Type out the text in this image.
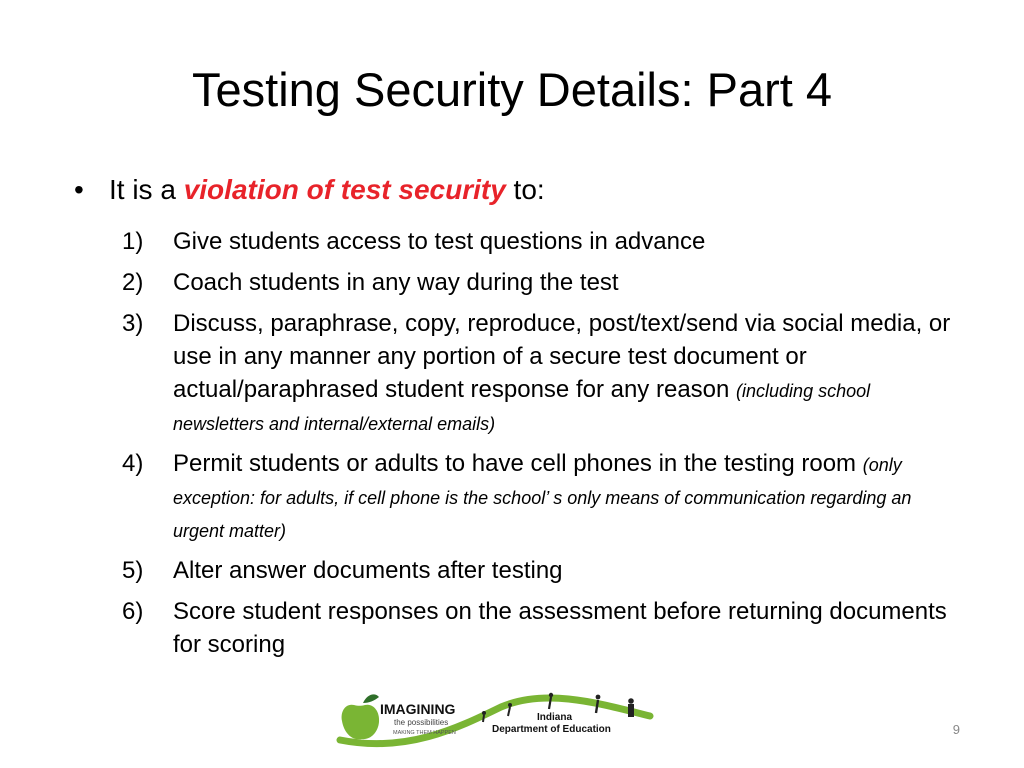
Testing Security Details: Part 4
• It is a violation of test security to:
1) Give students access to test questions in advance
2) Coach students in any way during the test
3) Discuss, paraphrase, copy, reproduce, post/text/send via social media, or use in any manner any portion of a secure test document or actual/paraphrased student response for any reason (including school newsletters and internal/external emails)
4) Permit students or adults to have cell phones in the testing room (only exception: for adults, if cell phone is the school’ s only means of communication regarding an urgent matter)
5) Alter answer documents after testing
6) Score student responses on the assessment before returning documents for scoring
IMAGINING
the possibilities
MAKING THEM HAPPEN
Indiana
Department of Education	9
